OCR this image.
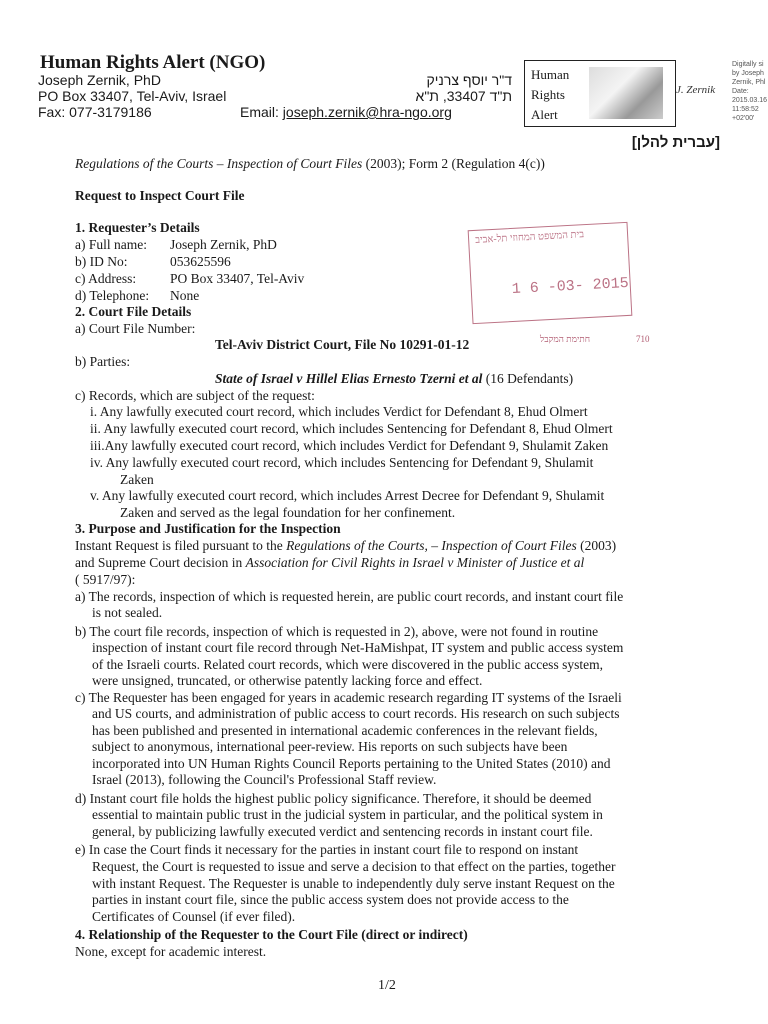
Human Rights Alert (NGO)
Joseph Zernik, PhD
PO Box 33407, Tel-Aviv, Israel
Fax: 077-3179186	Email: joseph.zernik@hra-ngo.org
ד"ר יוסף צרניק
ת"ד 33407, ת"א
Human
Rights
Alert
J. Zernik
Digitally si
by Joseph
Zernik, Phl
Date:
2015.03.16
11:58:52
+02'00'
[עברית להלן]
Regulations of the Courts – Inspection of Court Files (2003); Form 2 (Regulation 4(c))
Request to Inspect Court File
1. Requester’s Details
a) Full name: Joseph Zernik, PhD
b) ID No:	053625596
c) Address:	PO Box 33407, Tel-Aviv
d) Telephone: None
בית המשפט המחוזי תל-אביב
1 6 -03- 2015
חתימת המקבל	710
2. Court File Details
a) Court File Number:
Tel-Aviv District Court, File No 10291-01-12
b) Parties:
State of Israel v Hillel Elias Ernesto Tzerni et al (16 Defendants)
c) Records, which are subject of the request:
i. Any lawfully executed court record, which includes Verdict for Defendant 8, Ehud Olmert
ii. Any lawfully executed court record, which includes Sentencing for Defendant 8, Ehud Olmert
iii.Any lawfully executed court record, which includes Verdict for Defendant 9, Shulamit Zaken
iv. Any lawfully executed court record, which includes Sentencing for Defendant 9, Shulamit
Zaken
v. Any lawfully executed court record, which includes Arrest Decree for Defendant 9, Shulamit
Zaken and served as the legal foundation for her confinement.
3. Purpose and Justification for the Inspection
Instant Request is filed pursuant to the Regulations of the Courts, – Inspection of Court Files (2003)
and Supreme Court decision in Association for Civil Rights in Israel v Minister of Justice et al
( 5917/97):
a) The records, inspection of which is requested herein, are public court records, and instant court file
is not sealed.
b) The court file records, inspection of which is requested in 2), above, were not found in routine
inspection of instant court file record through Net-HaMishpat, IT system and public access system
of the Israeli courts. Related court records, which were discovered in the public access system,
were unsigned, truncated, or otherwise patently lacking force and effect.
c) The Requester has been engaged for years in academic research regarding IT systems of the Israeli
and US courts, and administration of public access to court records. His research on such subjects
has been published and presented in international academic conferences in the relevant fields,
subject to anonymous, international peer-review. His reports on such subjects have been
incorporated into UN Human Rights Council Reports pertaining to the United States (2010) and
Israel (2013), following the Council's Professional Staff review.
d) Instant court file holds the highest public policy significance. Therefore, it should be deemed
essential to maintain public trust in the judicial system in particular, and the political system in
general, by publicizing lawfully executed verdict and sentencing records in instant court file.
e) In case the Court finds it necessary for the parties in instant court file to respond on instant
Request, the Court is requested to issue and serve a decision to that effect on the parties, together
with instant Request. The Requester is unable to independently duly serve instant Request on the
parties in instant court file, since the public access system does not provide access to the
Certificates of Counsel (if ever filed).
4. Relationship of the Requester to the Court File (direct or indirect)
None, except for academic interest.
1/2
